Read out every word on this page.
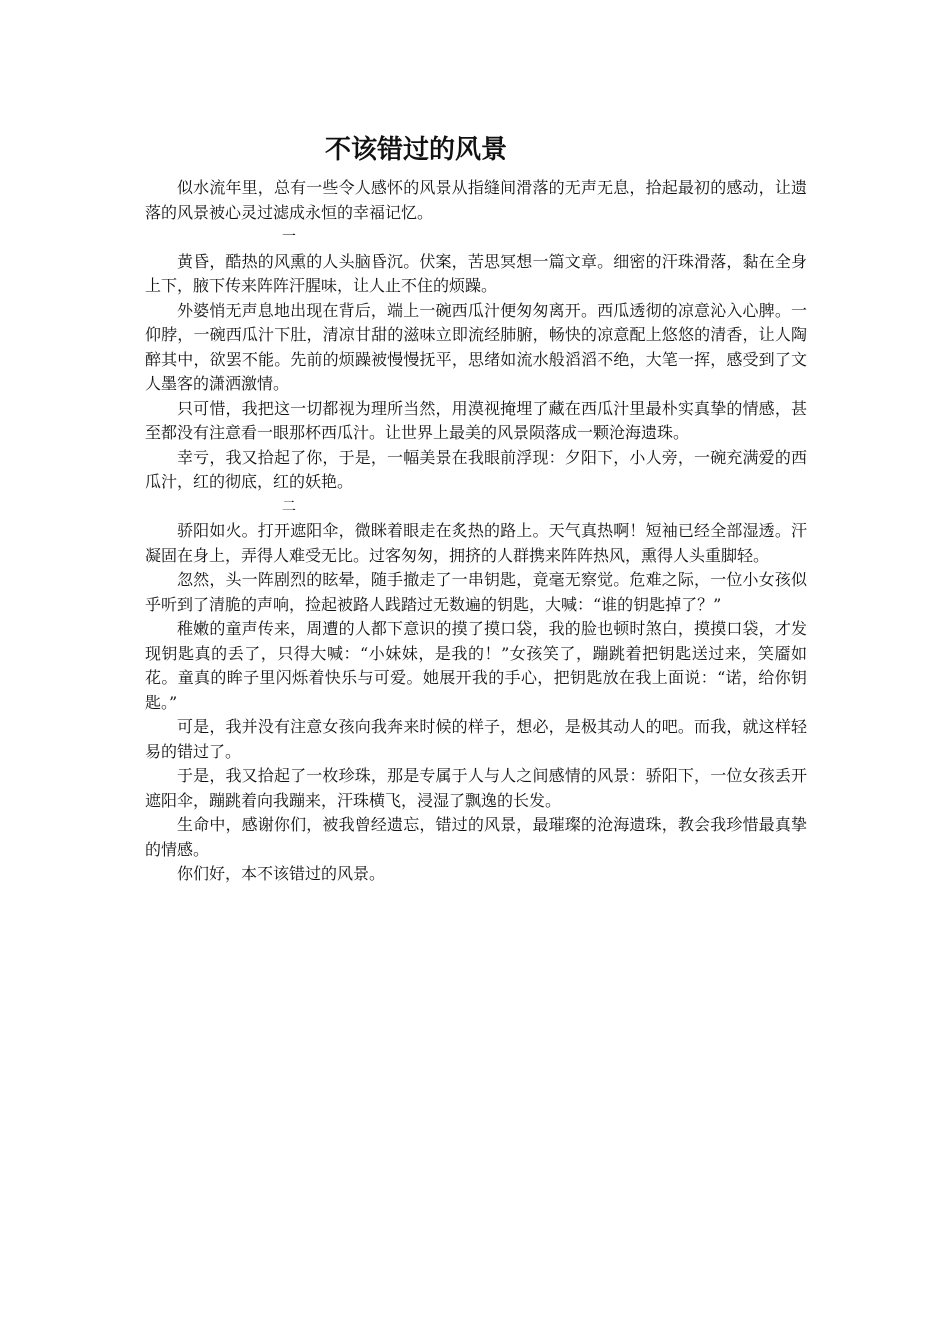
不该错过的风景

似水流年里，总有一些令人感怀的风景从指缝间滑落的无声无息，拾起最初的感动，让遗落的风景被心灵过滤成永恒的幸福记忆。

一

黄昏，酷热的风熏的人头脑昏沉。伏案，苦思冥想一篇文章。细密的汗珠滑落，黏在全身上下，腋下传来阵阵汗腥味，让人止不住的烦躁。

外婆悄无声息地出现在背后，端上一碗西瓜汁便匆匆离开。西瓜透彻的凉意沁入心脾。一仰脖，一碗西瓜汁下肚，清凉甘甜的滋味立即流经肺腑，畅快的凉意配上悠悠的清香，让人陶醉其中，欲罢不能。先前的烦躁被慢慢抚平，思绪如流水般滔滔不绝，大笔一挥，感受到了文人墨客的潇洒激情。

只可惜，我把这一切都视为理所当然，用漠视掩埋了藏在西瓜汁里最朴实真挚的情感，甚至都没有注意看一眼那杯西瓜汁。让世界上最美的风景陨落成一颗沧海遗珠。

幸亏，我又拾起了你，于是，一幅美景在我眼前浮现：夕阳下，小人旁，一碗充满爱的西瓜汁，红的彻底，红的妖艳。

二

骄阳如火。打开遮阳伞，微眯着眼走在炙热的路上。天气真热啊！短袖已经全部湿透。汗凝固在身上，弄得人难受无比。过客匆匆，拥挤的人群携来阵阵热风，熏得人头重脚轻。

忽然，头一阵剧烈的眩晕，随手撤走了一串钥匙，竟毫无察觉。危难之际，一位小女孩似乎听到了清脆的声响，捡起被路人践踏过无数遍的钥匙，大喊：“谁的钥匙掉了？”

稚嫩的童声传来，周遭的人都下意识的摸了摸口袋，我的脸也顿时煞白，摸摸口袋，才发现钥匙真的丢了，只得大喊：“小妹妹，是我的！”女孩笑了，蹦跳着把钥匙送过来，笑靥如花。童真的眸子里闪烁着快乐与可爱。她展开我的手心，把钥匙放在我上面说：“诺，给你钥匙。”

可是，我并没有注意女孩向我奔来时候的样子，想必，是极其动人的吧。而我，就这样轻易的错过了。

于是，我又拾起了一枚珍珠，那是专属于人与人之间感情的风景：骄阳下，一位女孩丢开遮阳伞，蹦跳着向我蹦来，汗珠横飞，浸湿了飘逸的长发。

生命中，感谢你们，被我曾经遗忘，错过的风景，最璀璨的沧海遗珠，教会我珍惜最真挚的情感。

你们好，本不该错过的风景。
